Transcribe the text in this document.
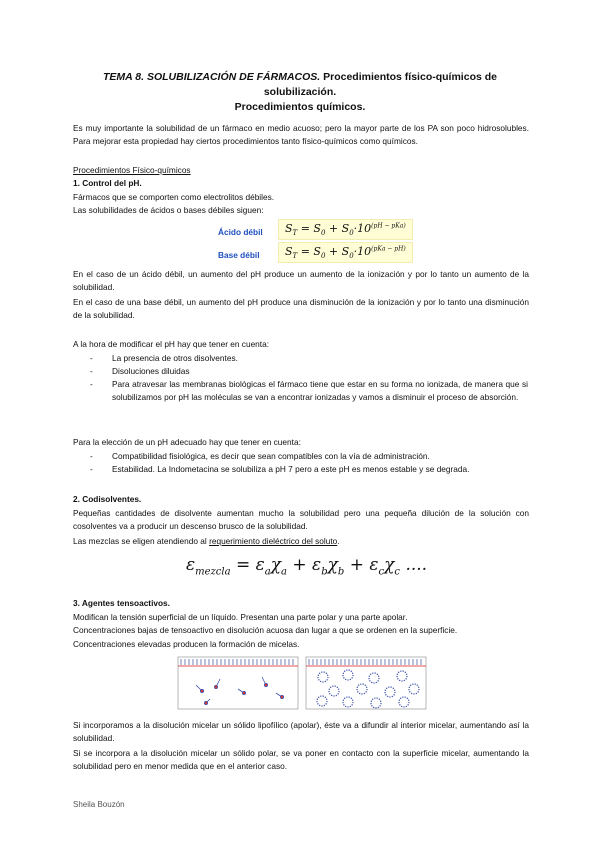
TEMA 8. SOLUBILIZACIÓN DE FÁRMACOS. Procedimientos físico-químicos de solubilización.
Procedimientos químicos.
Es muy importante la solubilidad de un fármaco en medio acuoso; pero la mayor parte de los PA son poco hidrosolubles. Para mejorar esta propiedad hay ciertos procedimientos tanto físico-químicos como químicos.
Procedimientos Físico-químicos
1. Control del pH.
Fármacos que se comporten como electrolitos débiles.
Las solubilidades de ácidos o bases débiles siguen:
Ácido débil	$S_T = S_0 + S_0\cdot 10^{(pH - pKa)}$
Base débil	$S_T = S_0 + S_0\cdot 10^{(pKa - pH)}$
En el caso de un ácido débil, un aumento del pH produce un aumento de la ionización y por lo tanto un aumento de la solubilidad.
En el caso de una base débil, un aumento del pH produce una disminución de la ionización y por lo tanto una disminución de la solubilidad.
A la hora de modificar el pH hay que tener en cuenta:
- La presencia de otros disolventes.
- Disoluciones diluidas
- Para atravesar las membranas biológicas el fármaco tiene que estar en su forma no ionizada, de manera que si solubilizamos por pH las moléculas se van a encontrar ionizadas y vamos a disminuir el proceso de absorción.
Para la elección de un pH adecuado hay que tener en cuenta:
- Compatibilidad fisiológica, es decir que sean compatibles con la vía de administración.
- Estabilidad. La Indometacina se solubiliza a pH 7 pero a este pH es menos estable y se degrada.
2. Codisolventes.
Pequeñas cantidades de disolvente aumentan mucho la solubilidad pero una pequeña dilución de la solución con cosolventes va a producir un descenso brusco de la solubilidad.
Las mezclas se eligen atendiendo al requerimiento dieléctrico del soluto.
$\varepsilon_{mezcla} = \varepsilon_a\chi_a + \varepsilon_b\chi_b + \varepsilon_c\chi_c$ ....
3. Agentes tensoactivos.
Modifican la tensión superficial de un líquido. Presentan una parte polar y una parte apolar.
Concentraciones bajas de tensoactivo en disolución acuosa dan lugar a que se ordenen en la superficie.
Concentraciones elevadas producen la formación de micelas.
Si incorporamos a la disolución micelar un sólido lipofílico (apolar), éste va a difundir al interior micelar, aumentando así la solubilidad.
Si se incorpora a la disolución micelar un sólido polar, se va poner en contacto con la superficie micelar, aumentando la solubilidad pero en menor medida que en el anterior caso.
Sheila Bouzón
